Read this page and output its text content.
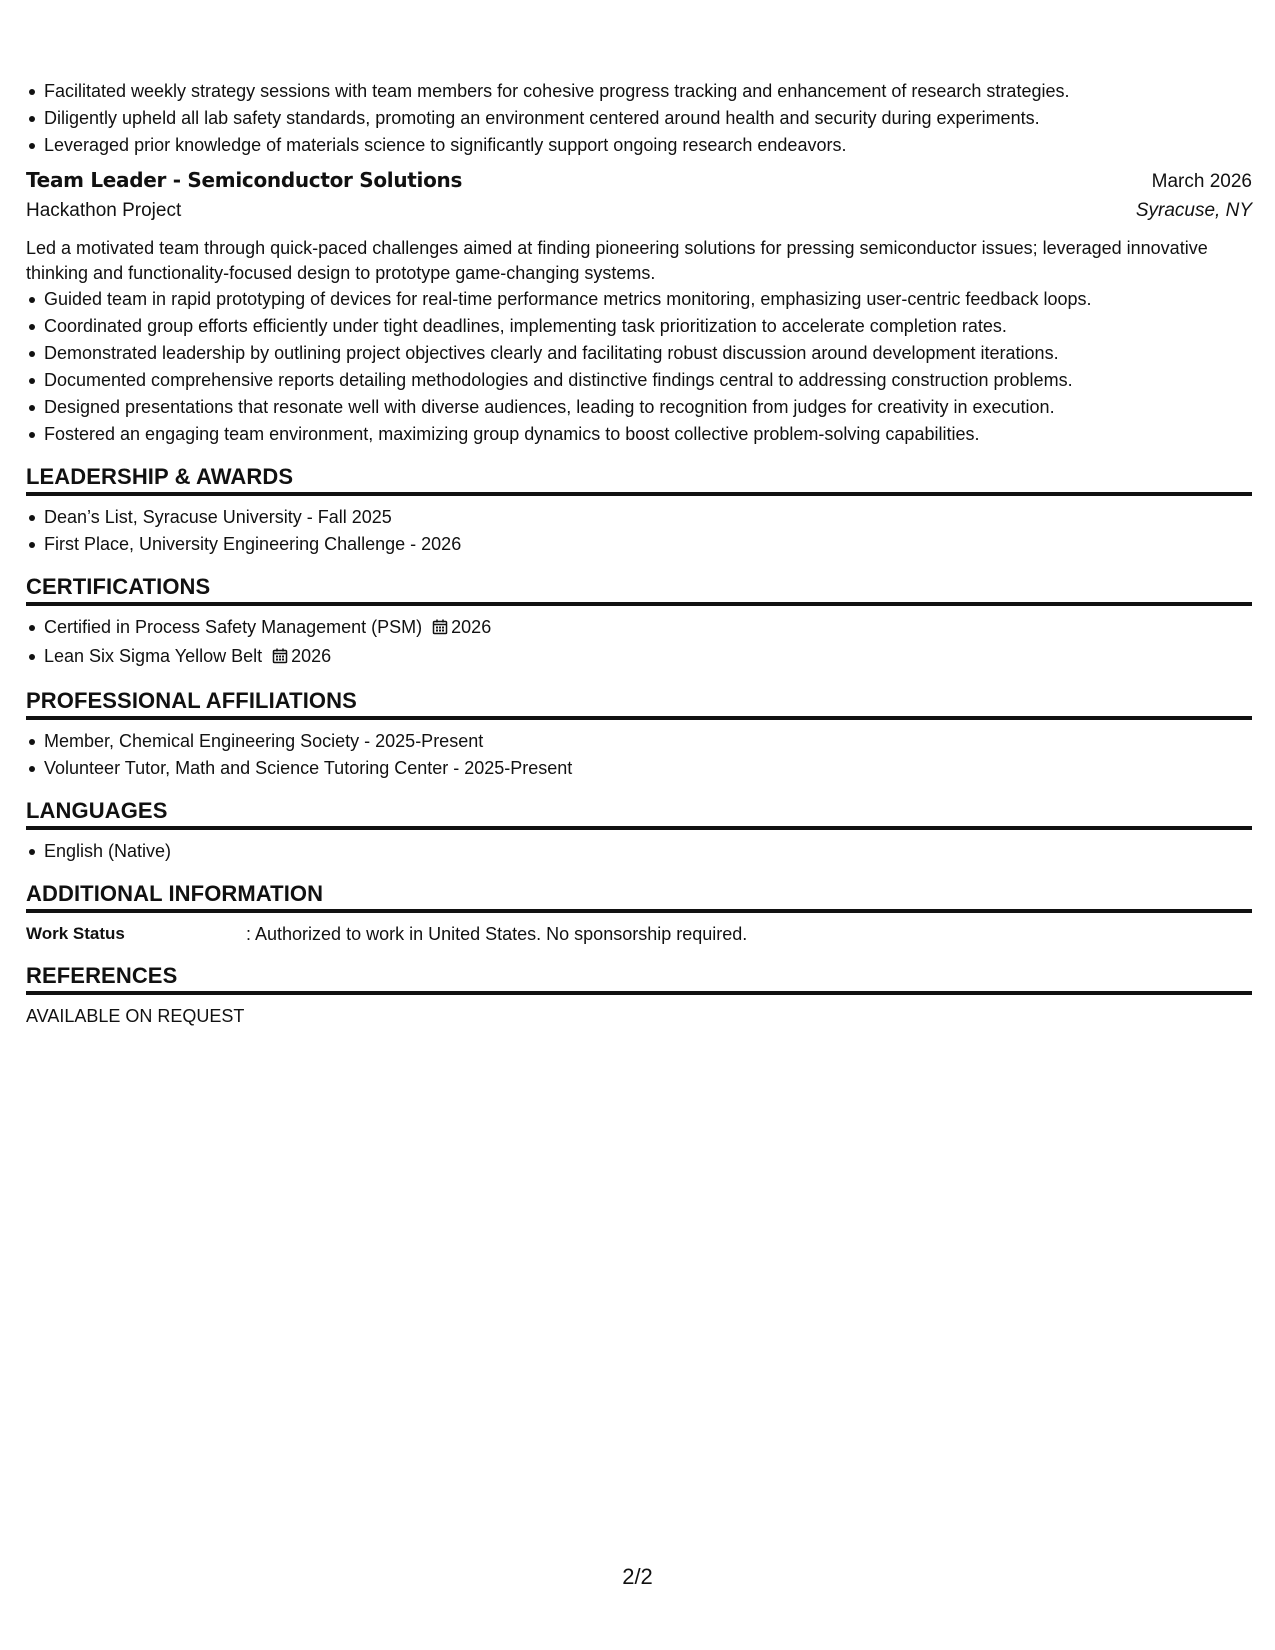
Facilitated weekly strategy sessions with team members for cohesive progress tracking and enhancement of research strategies.
Diligently upheld all lab safety standards, promoting an environment centered around health and security during experiments.
Leveraged prior knowledge of materials science to significantly support ongoing research endeavors.
Team Leader - Semiconductor Solutions	March 2026
Hackathon Project	Syracuse, NY
Led a motivated team through quick-paced challenges aimed at finding pioneering solutions for pressing semiconductor issues; leveraged innovative thinking and functionality-focused design to prototype game-changing systems.
Guided team in rapid prototyping of devices for real-time performance metrics monitoring, emphasizing user-centric feedback loops.
Coordinated group efforts efficiently under tight deadlines, implementing task prioritization to accelerate completion rates.
Demonstrated leadership by outlining project objectives clearly and facilitating robust discussion around development iterations.
Documented comprehensive reports detailing methodologies and distinctive findings central to addressing construction problems.
Designed presentations that resonate well with diverse audiences, leading to recognition from judges for creativity in execution.
Fostered an engaging team environment, maximizing group dynamics to boost collective problem-solving capabilities.
LEADERSHIP & AWARDS
Dean’s List, Syracuse University - Fall 2025
First Place, University Engineering Challenge - 2026
CERTIFICATIONS
Certified in Process Safety Management (PSM) 2026
Lean Six Sigma Yellow Belt 2026
PROFESSIONAL AFFILIATIONS
Member, Chemical Engineering Society - 2025-Present
Volunteer Tutor, Math and Science Tutoring Center - 2025-Present
LANGUAGES
English (Native)
ADDITIONAL INFORMATION
Work Status	: Authorized to work in United States. No sponsorship required.
REFERENCES
AVAILABLE ON REQUEST
2/2
